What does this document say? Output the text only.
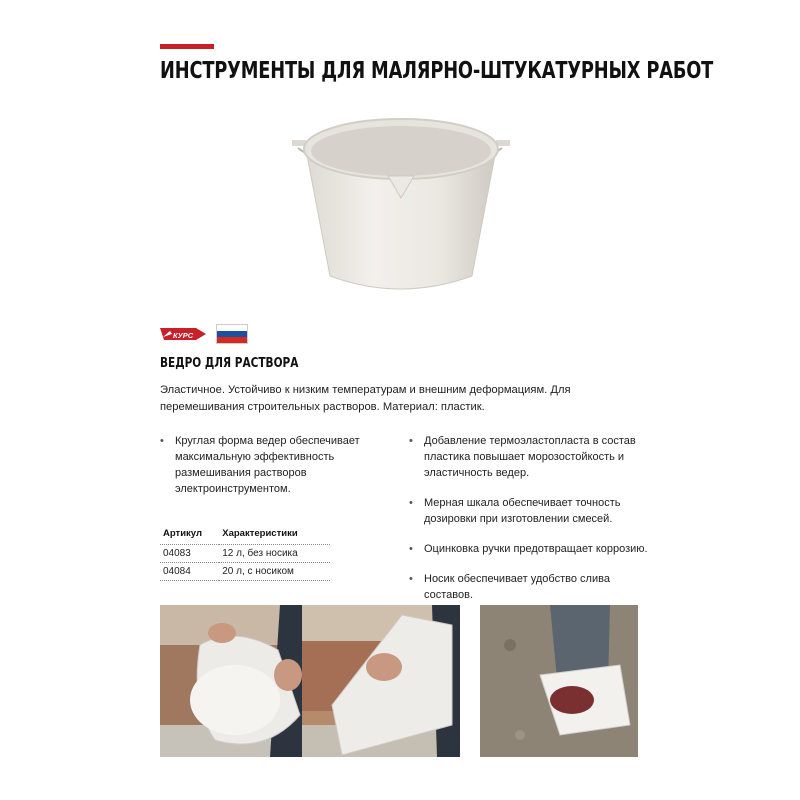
ИНСТРУМЕНТЫ ДЛЯ МАЛЯРНО-ШТУКАТУРНЫХ РАБОТ
КУРС
ВЕДРО ДЛЯ РАСТВОРА
Эластичное. Устойчиво к низким температурам и внешним деформациям. Для перемешивания строительных растворов. Материал: пластик.
• Круглая форма ведер обеспечивает максимальную эффективность размешивания растворов электроинструментом.
• Добавление термоэластопласта в состав пластика повышает морозостойкость и эластичность ведер.
• Мерная шкала обеспечивает точность дозировки при изготовлении смесей.
• Оцинковка ручки предотвращает коррозию.
• Носик обеспечивает удобство слива составов.
Артикул	Характеристики
04083	12 л, без носика
04084	20 л, с носиком
